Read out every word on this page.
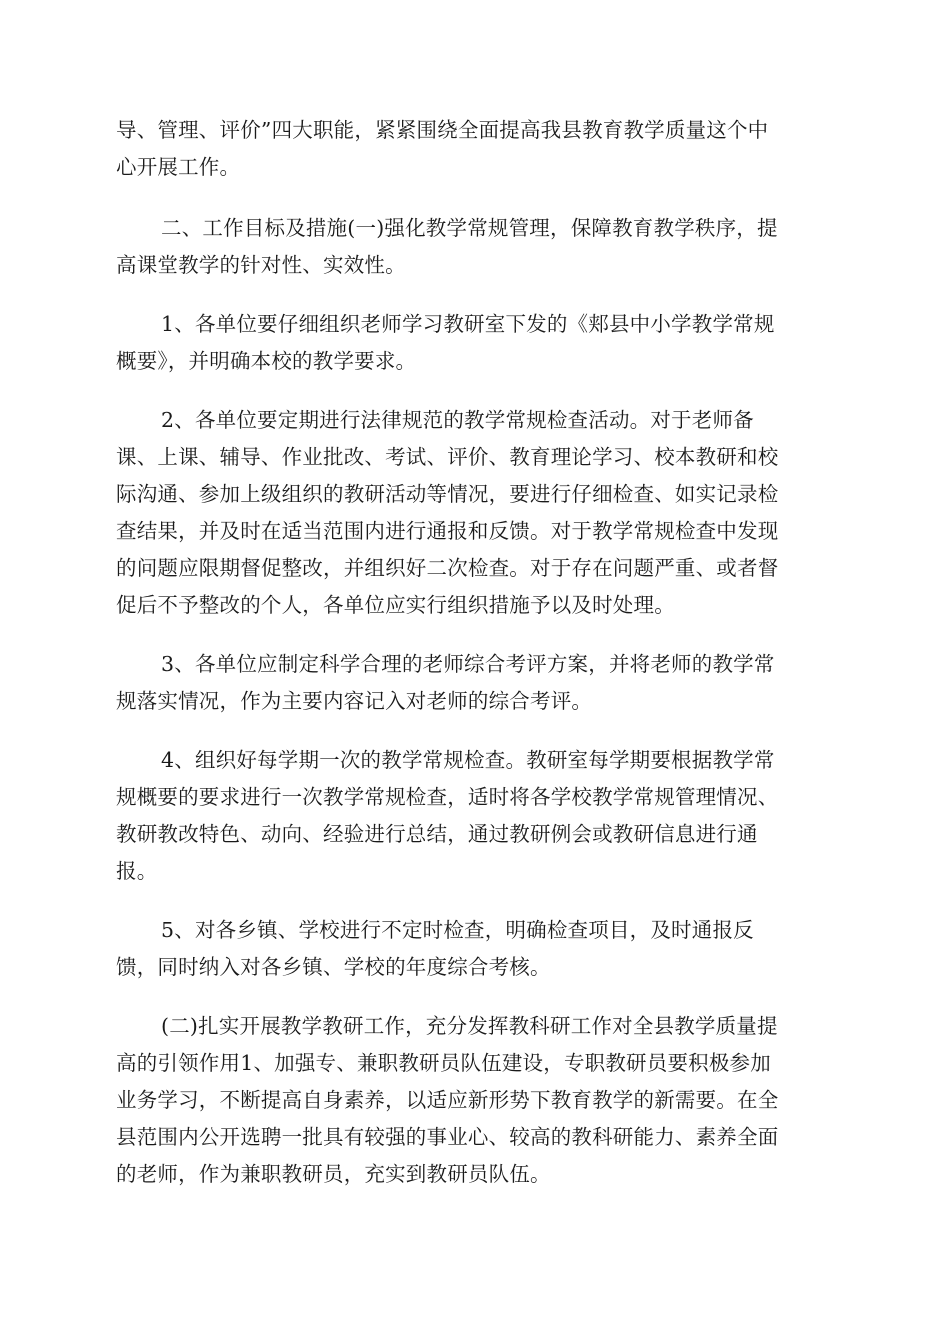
导、管理、评价”四大职能，紧紧围绕全面提高我县教育教学质量这个中
心开展工作。

二、工作目标及措施(一)强化教学常规管理，保障教育教学秩序，提
高课堂教学的针对性、实效性。

1、各单位要仔细组织老师学习教研室下发的《郏县中小学教学常规
概要》，并明确本校的教学要求。

2、各单位要定期进行法律规范的教学常规检查活动。对于老师备
课、上课、辅导、作业批改、考试、评价、教育理论学习、校本教研和校
际沟通、参加上级组织的教研活动等情况，要进行仔细检查、如实记录检
查结果，并及时在适当范围内进行通报和反馈。对于教学常规检查中发现
的问题应限期督促整改，并组织好二次检查。对于存在问题严重、或者督
促后不予整改的个人，各单位应实行组织措施予以及时处理。

3、各单位应制定科学合理的老师综合考评方案，并将老师的教学常
规落实情况，作为主要内容记入对老师的综合考评。

4、组织好每学期一次的教学常规检查。教研室每学期要根据教学常
规概要的要求进行一次教学常规检查，适时将各学校教学常规管理情况、
教研教改特色、动向、经验进行总结，通过教研例会或教研信息进行通
报。

5、对各乡镇、学校进行不定时检查，明确检查项目，及时通报反
馈，同时纳入对各乡镇、学校的年度综合考核。

(二)扎实开展教学教研工作，充分发挥教科研工作对全县教学质量提
高的引领作用1、加强专、兼职教研员队伍建设，专职教研员要积极参加
业务学习，不断提高自身素养，以适应新形势下教育教学的新需要。在全
县范围内公开选聘一批具有较强的事业心、较高的教科研能力、素养全面
的老师，作为兼职教研员，充实到教研员队伍。
